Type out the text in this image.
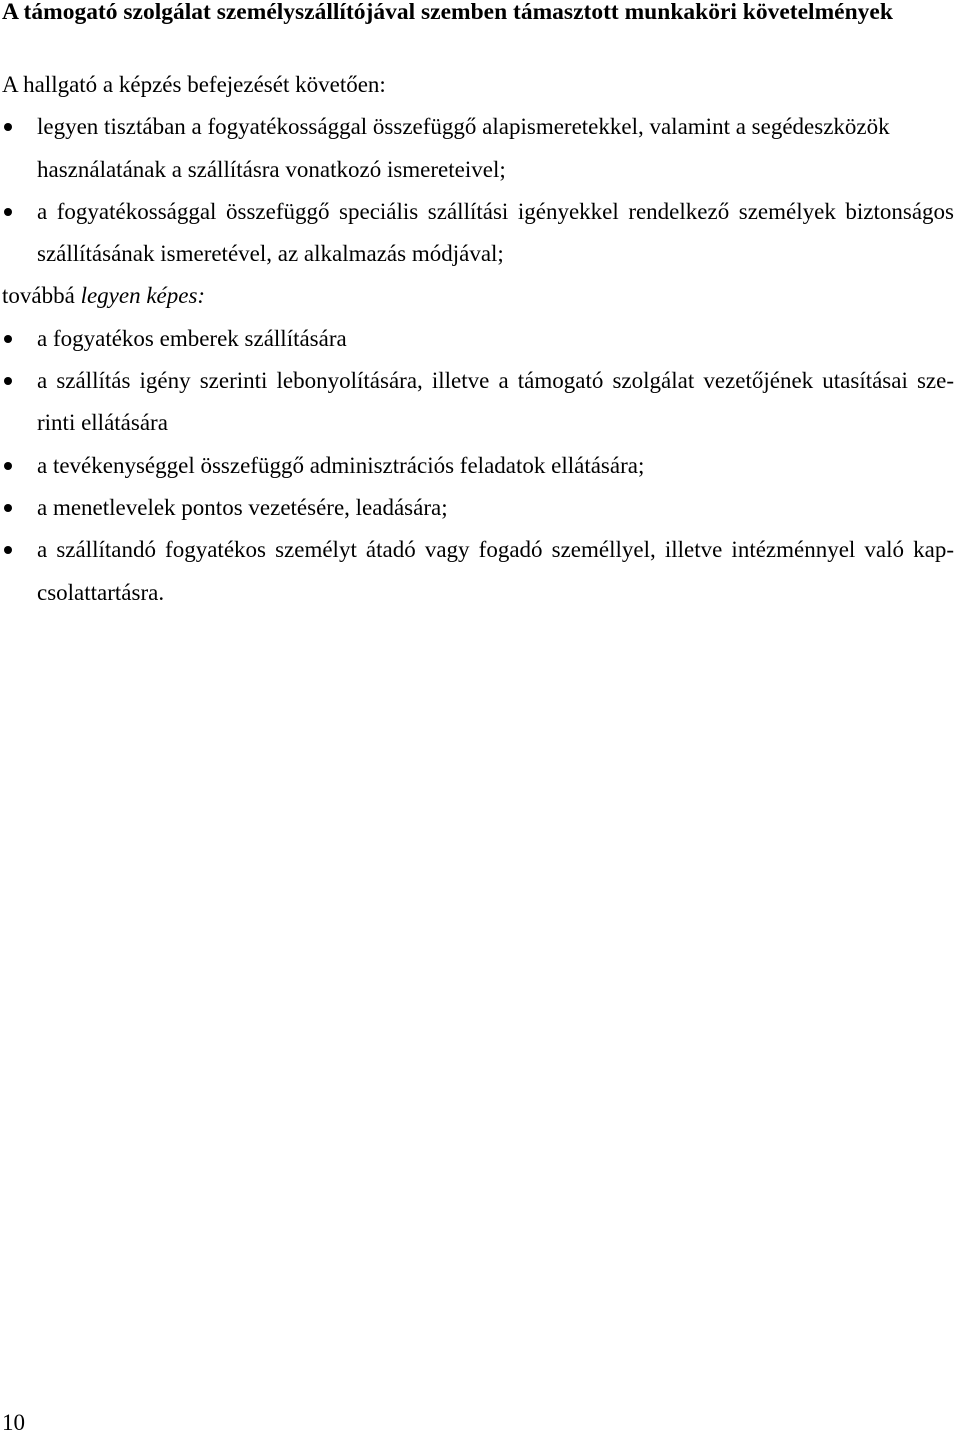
A támogató szolgálat személyszállítójával szemben támasztott munkaköri követelmények
A hallgató a képzés befejezését követően:
legyen tisztában a fogyatékossággal összefüggő alapismeretekkel, valamint a segédeszközök
használatának a szállításra vonatkozó ismereteivel;
a fogyatékossággal összefüggő speciális szállítási igényekkel rendelkező személyek biztonságos
szállításának ismeretével, az alkalmazás módjával;
továbbá legyen képes:
a fogyatékos emberek szállítására
a szállítás igény szerinti lebonyolítására, illetve a támogató szolgálat vezetőjének utasításai sze-
rinti ellátására
a tevékenységgel összefüggő adminisztrációs feladatok ellátására;
a menetlevelek pontos vezetésére, leadására;
a szállítandó fogyatékos személyt átadó vagy fogadó személlyel, illetve intézménnyel való kap-
csolattartásra.
10
